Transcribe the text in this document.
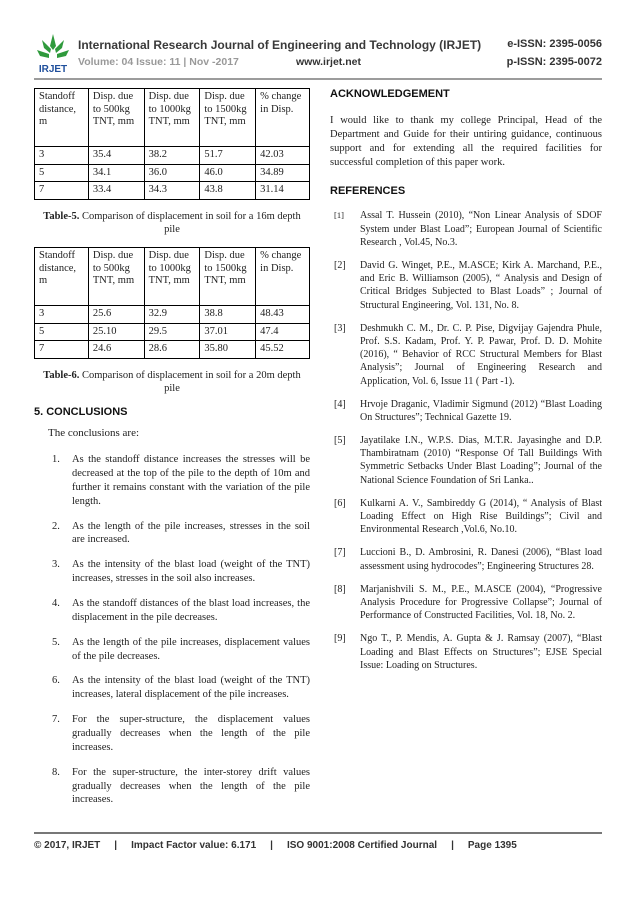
IRJET
International Research Journal of Engineering and Technology (IRJET) e-ISSN: 2395-0056
Volume: 04 Issue: 11 | Nov -2017	www.irjet.net	p-ISSN: 2395-0072
Standoff distance, m	Disp. due to 500kg TNT, mm	Disp. due to 1000kg TNT, mm	Disp. due to 1500kg TNT, mm	% change in Disp.
3	35.4	38.2	51.7	42.03
5	34.1	36.0	46.0	34.89
7	33.4	34.3	43.8	31.14
Table-5. Comparison of displacement in soil for a 16m depth pile
Standoff distance, m	Disp. due to 500kg TNT, mm	Disp. due to 1000kg TNT, mm	Disp. due to 1500kg TNT, mm	% change in Disp.
3	25.6	32.9	38.8	48.43
5	25.10	29.5	37.01	47.4
7	24.6	28.6	35.80	45.52
Table-6. Comparison of displacement in soil for a 20m depth pile
5. CONCLUSIONS
The conclusions are:
1. As the standoff distance increases the stresses will be decreased at the top of the pile to the depth of 10m and further it remains constant with the variation of the pile length.
2. As the length of the pile increases, stresses in the soil are increased.
3. As the intensity of the blast load (weight of the TNT) increases, stresses in the soil also increases.
4. As the standoff distances of the blast load increases, the displacement in the pile decreases.
5. As the length of the pile increases, displacement values of the pile decreases.
6. As the intensity of the blast load (weight of the TNT) increases, lateral displacement of the pile increases.
7. For the super-structure, the displacement values gradually decreases when the length of the pile increases.
8. For the super-structure, the inter-storey drift values gradually decreases when the length of the pile increases.
ACKNOWLEDGEMENT
I would like to thank my college Principal, Head of the Department and Guide for their untiring guidance, continuous support and for extending all the required facilities for successful completion of this paper work.
REFERENCES
[1] Assal T. Hussein (2010), “Non Linear Analysis of SDOF System under Blast Load”; European Journal of Scientific Research , Vol.45, No.3.
[2] David G. Winget, P.E., M.ASCE; Kirk A. Marchand, P.E., and Eric B. Williamson (2005), “ Analysis and Design of Critical Bridges Subjected to Blast Loads” ; Journal of Structural Engineering, Vol. 131, No. 8.
[3] Deshmukh C. M., Dr. C. P. Pise, Digvijay Gajendra Phule, Prof. S.S. Kadam, Prof. Y. P. Pawar, Prof. D. D. Mohite (2016), “ Behavior of RCC Structural Members for Blast Analysis”; Journal of Engineering Research and Application, Vol. 6, Issue 11 ( Part -1).
[4] Hrvoje Draganic, Vladimir Sigmund (2012) “Blast Loading On Structures”; Technical Gazette 19.
[5] Jayatilake I.N., W.P.S. Dias, M.T.R. Jayasinghe and D.P. Thambiratnam (2010) “Response Of Tall Buildings With Symmetric Setbacks Under Blast Loading”; Journal of the National Science Foundation of Sri Lanka..
[6] Kulkarni A. V., Sambireddy G (2014), “ Analysis of Blast Loading Effect on High Rise Buildings”; Civil and Environmental Research ,Vol.6, No.10.
[7] Luccioni B., D. Ambrosini, R. Danesi (2006), “Blast load assessment using hydrocodes”; Engineering Structures 28.
[8] Marjanishvili S. M., P.E., M.ASCE (2004), “Progressive Analysis Procedure for Progressive Collapse”; Journal of Performance of Constructed Facilities, Vol. 18, No. 2.
[9] Ngo T., P. Mendis, A. Gupta & J. Ramsay (2007), “Blast Loading and Blast Effects on Structures”; EJSE Special Issue: Loading on Structures.
© 2017, IRJET | Impact Factor value: 6.171 | ISO 9001:2008 Certified Journal | Page 1395
